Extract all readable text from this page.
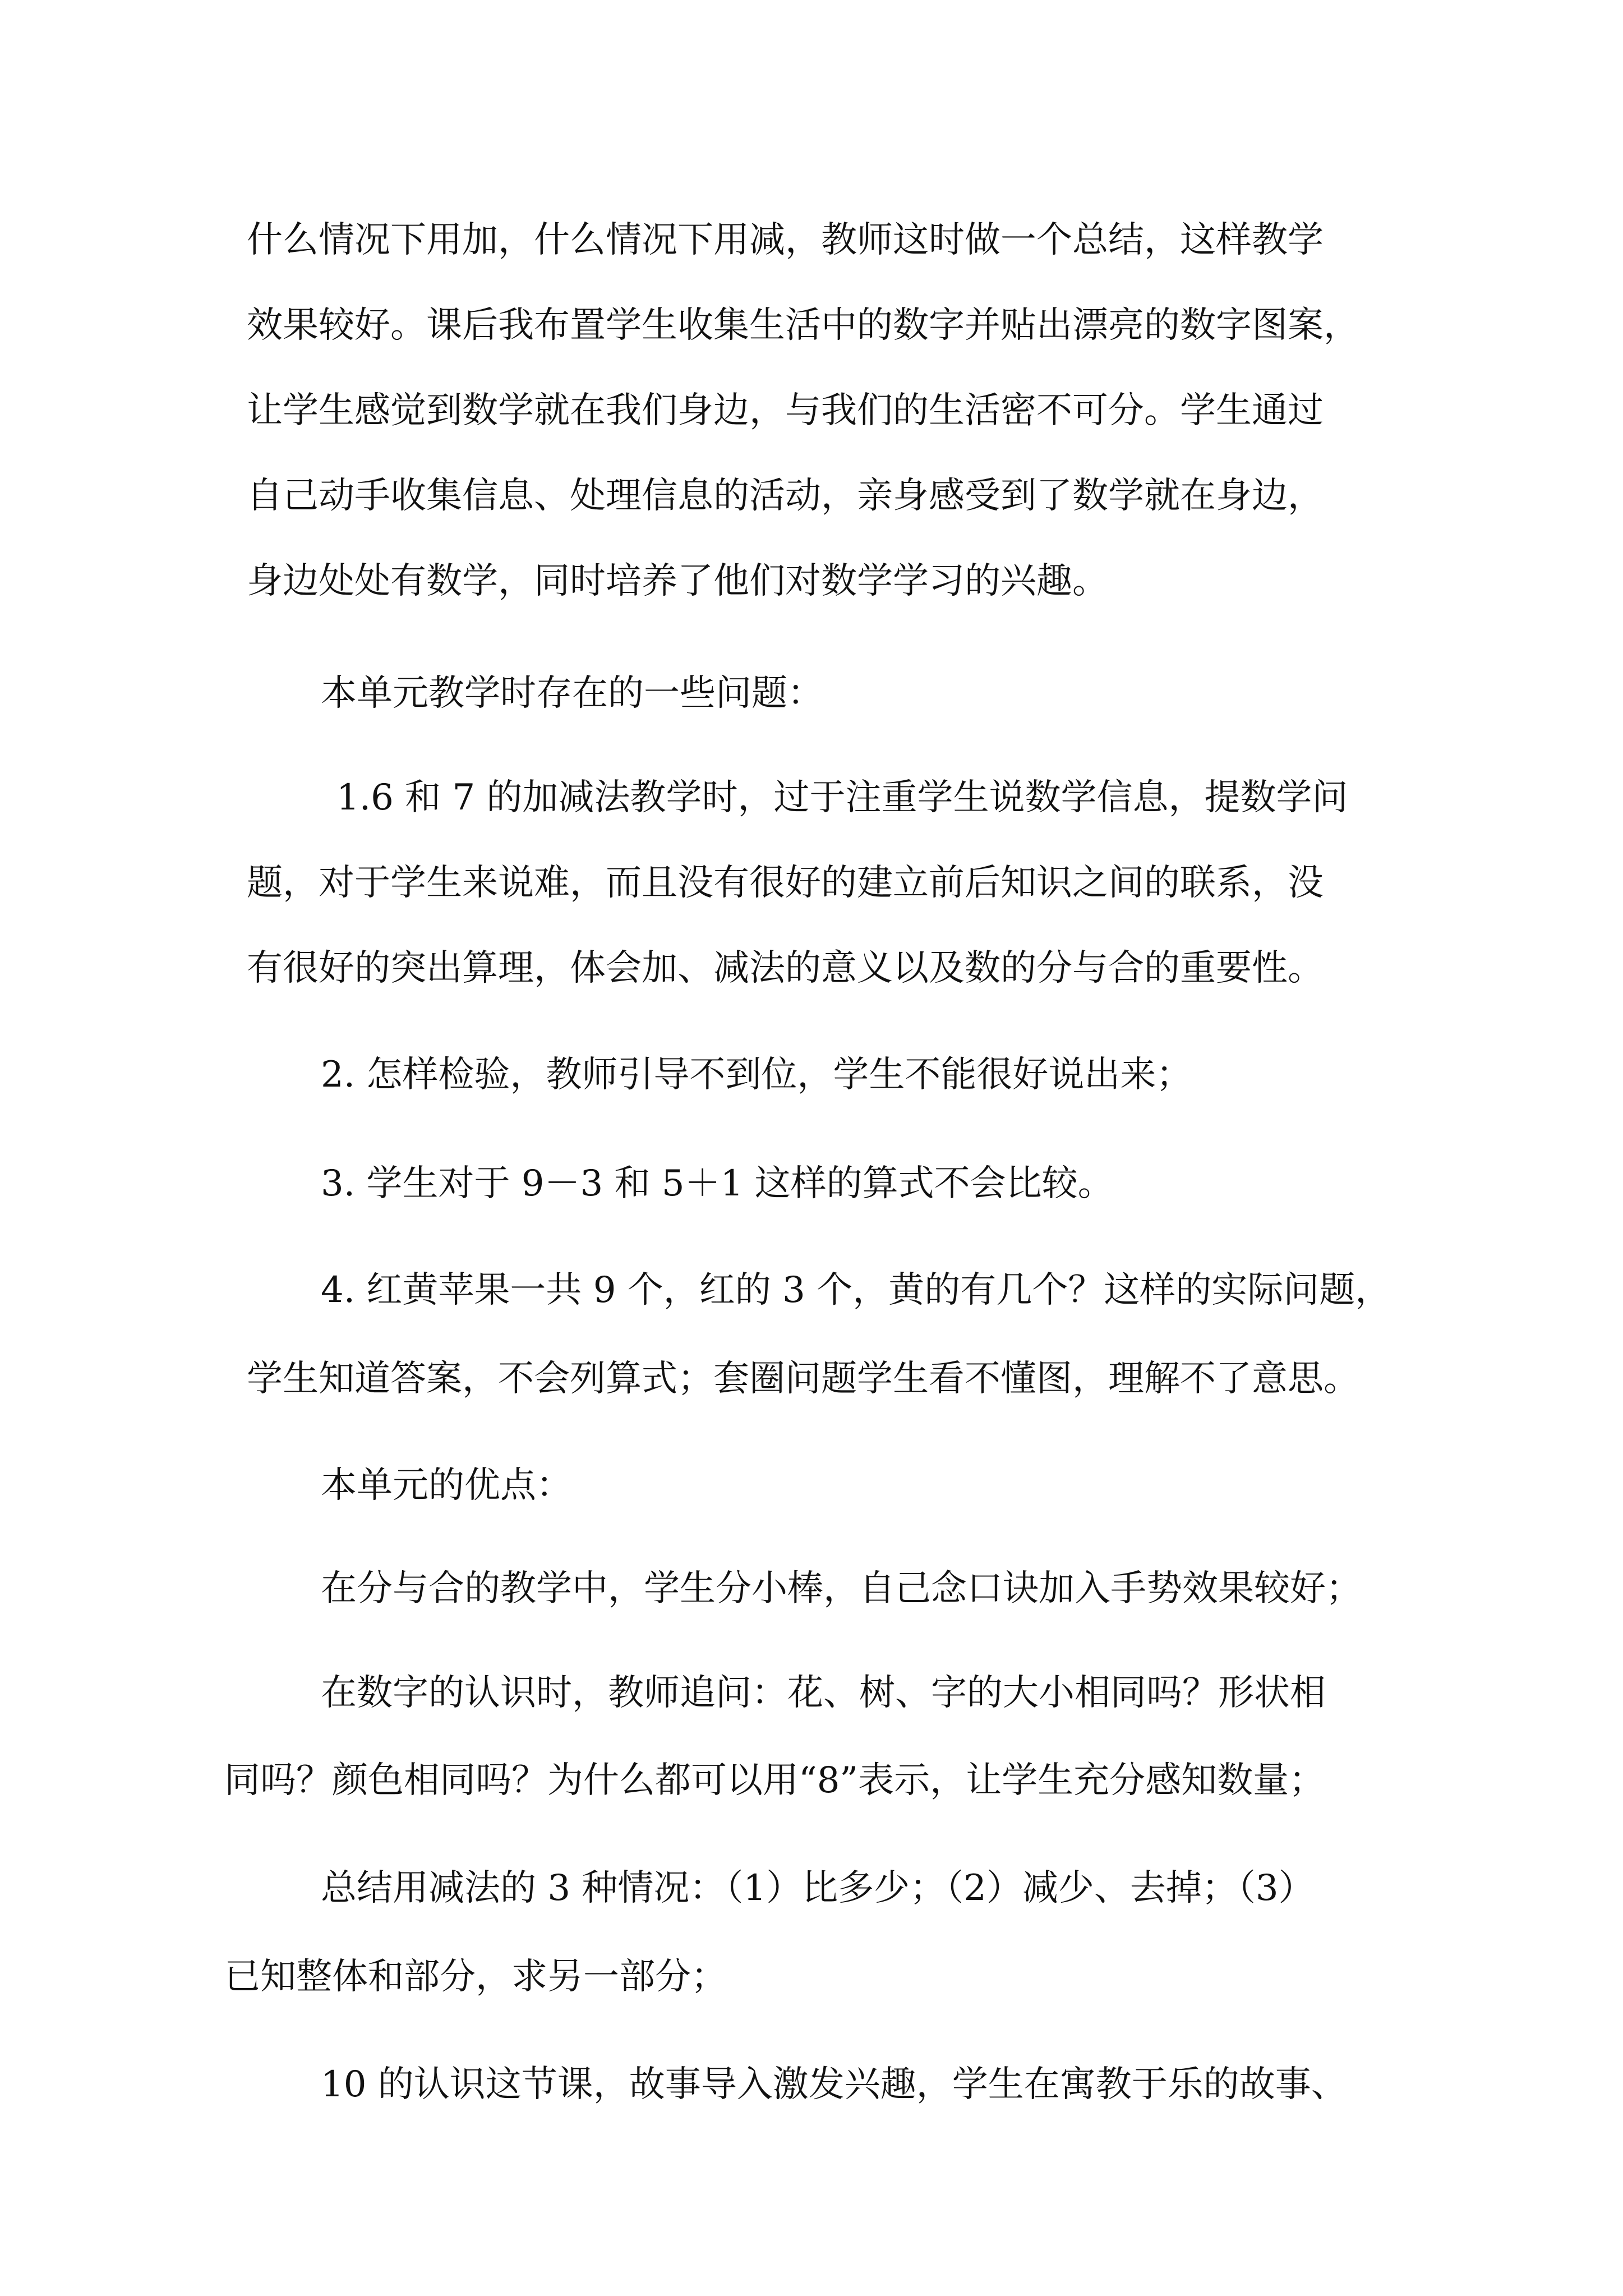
什么情况下用加，什么情况下用减，教师这时做一个总结，这样教学
效果较好。课后我布置学生收集生活中的数字并贴出漂亮的数字图案，
让学生感觉到数学就在我们身边，与我们的生活密不可分。学生通过
自己动手收集信息、处理信息的活动，亲身感受到了数学就在身边，
身边处处有数学，同时培养了他们对数学学习的兴趣。
本单元教学时存在的一些问题：
1.6 和 7 的加减法教学时，过于注重学生说数学信息，提数学问
题，对于学生来说难，而且没有很好的建立前后知识之间的联系，没
有很好的突出算理，体会加、减法的意义以及数的分与合的重要性。
2. 怎样检验，教师引导不到位，学生不能很好说出来；
3. 学生对于 9－3 和 5＋1 这样的算式不会比较。
4. 红黄苹果一共 9 个，红的 3 个，黄的有几个？这样的实际问题，
学生知道答案，不会列算式；套圈问题学生看不懂图，理解不了意思。
本单元的优点：
在分与合的教学中，学生分小棒，自己念口诀加入手势效果较好；
在数字的认识时，教师追问：花、树、字的大小相同吗？形状相
同吗？颜色相同吗？为什么都可以用“8”表示，让学生充分感知数量；
总结用减法的 3 种情况：（1）比多少；（2）减少、去掉；（3）
已知整体和部分，求另一部分；
10 的认识这节课，故事导入激发兴趣，学生在寓教于乐的故事、
